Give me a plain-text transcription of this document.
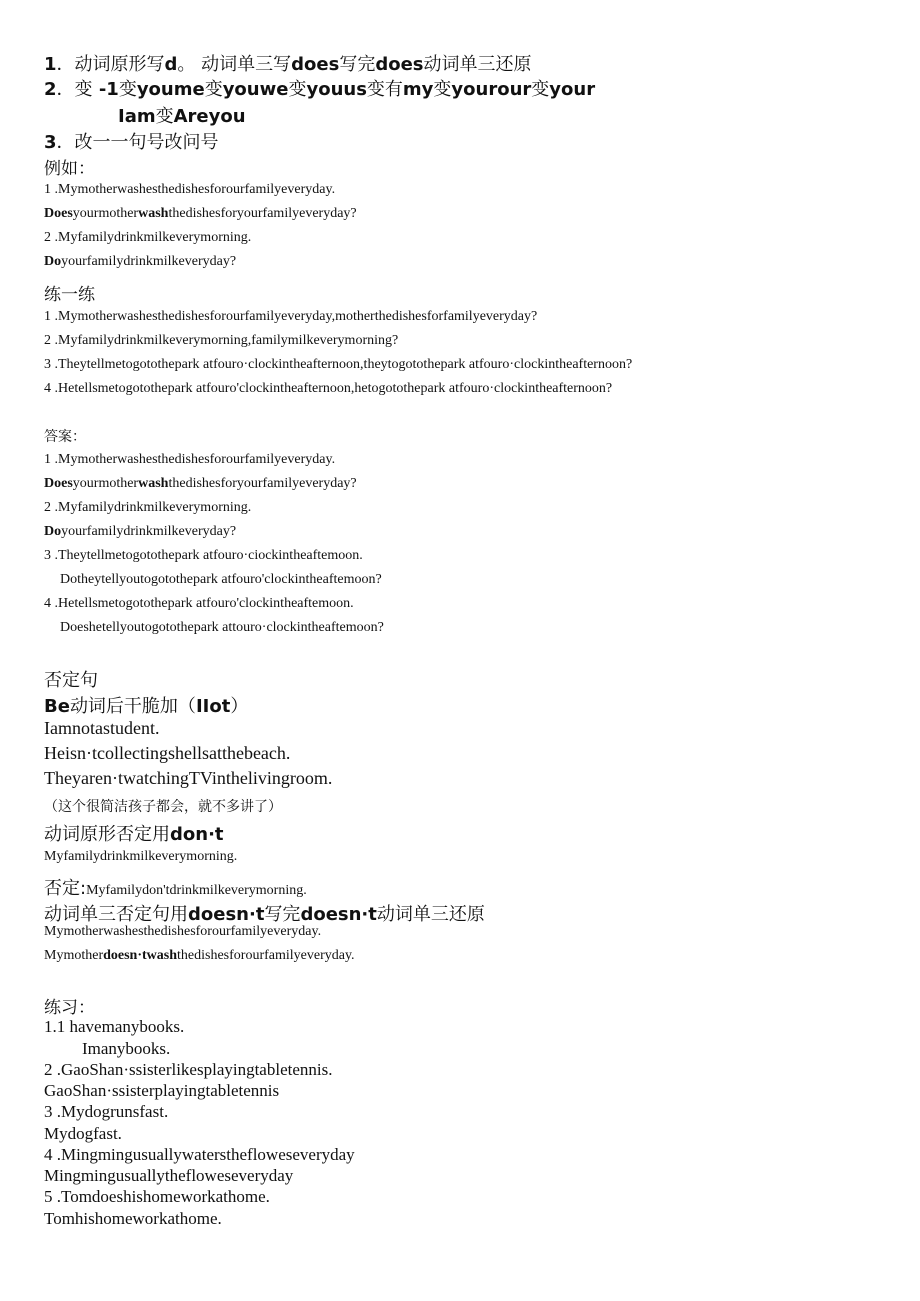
1．动词原形写d。 动词单三写does写完does动词单三还原
2．变 -1变youme变youwe变youus变有my变yourour变your
Iam变Areyou
3．改一一句号改问号
例如：
1 .Mymotherwashesthedishesforourfamilyeveryday.
Doesyourmotherwashthedishesforyourfamilyeveryday?
2 .Myfamilydrinkmilkeverymorning.
Doyourfamilydrinkmilkeveryday?
练一练
1 .Mymotherwashesthedishesforourfamilyeveryday,motherthedishesforfamilyeveryday?
2 .Myfamilydrinkmilkeverymorning,familymilkeverymorning?
3 .Theytellmetogotothepark atfouro·clockintheafternoon,theytogotothepark atfouro·clockintheafternoon?
4 .Hetellsmetogotothepark atfouro'clockintheafternoon,hetogotothepark atfouro·clockintheafternoon?
答案：
1 .Mymotherwashesthedishesforourfamilyeveryday.
Doesyourmotherwashthedishesforyourfamilyeveryday?
2 .Myfamilydrinkmilkeverymorning.
Doyourfamilydrinkmilkeveryday?
3 .Theytellmetogotothepark atfouro·ciockintheaftemoon.
Dotheytellyoutogotothepark atfouro'clockintheaftemoon?
4 .Hetellsmetogotothepark atfouro'clockintheaftemoon.
Doeshetellyoutogotothepark attouro·clockintheaftemoon?
否定句
Be动词后干脆加（IIot）
Iamnotastudent.
Heisn·tcollectingshellsatthebeach.
Theyaren·twatchingTVinthelivingroom.
（这个很简洁孩子都会，就不多讲了）
动词原形否定用don·t
Myfamilydrinkmilkeverymorning.
否定:Myfamilydon'tdrinkmilkeverymorning.
动词单三否定句用doesn·t写完doesn·t动词单三还原
Mymotherwashesthedishesforourfamilyeveryday.
Mymotherdoesn·twashthedishesforourfamilyeveryday.
练习：
1.1 havemanybooks.
Imanybooks.
2 .GaoShan·ssisterlikesplayingtabletennis.
GaoShan·ssisterplayingtabletennis
3 .Mydogrunsfast.
Mydogfast.
4 .Mingmingusuallywatersthefloweseveryday
Mingmingusuallythefloweseveryday
5 .Tomdoeshishomeworkathome.
Tomhishomeworkathome.
